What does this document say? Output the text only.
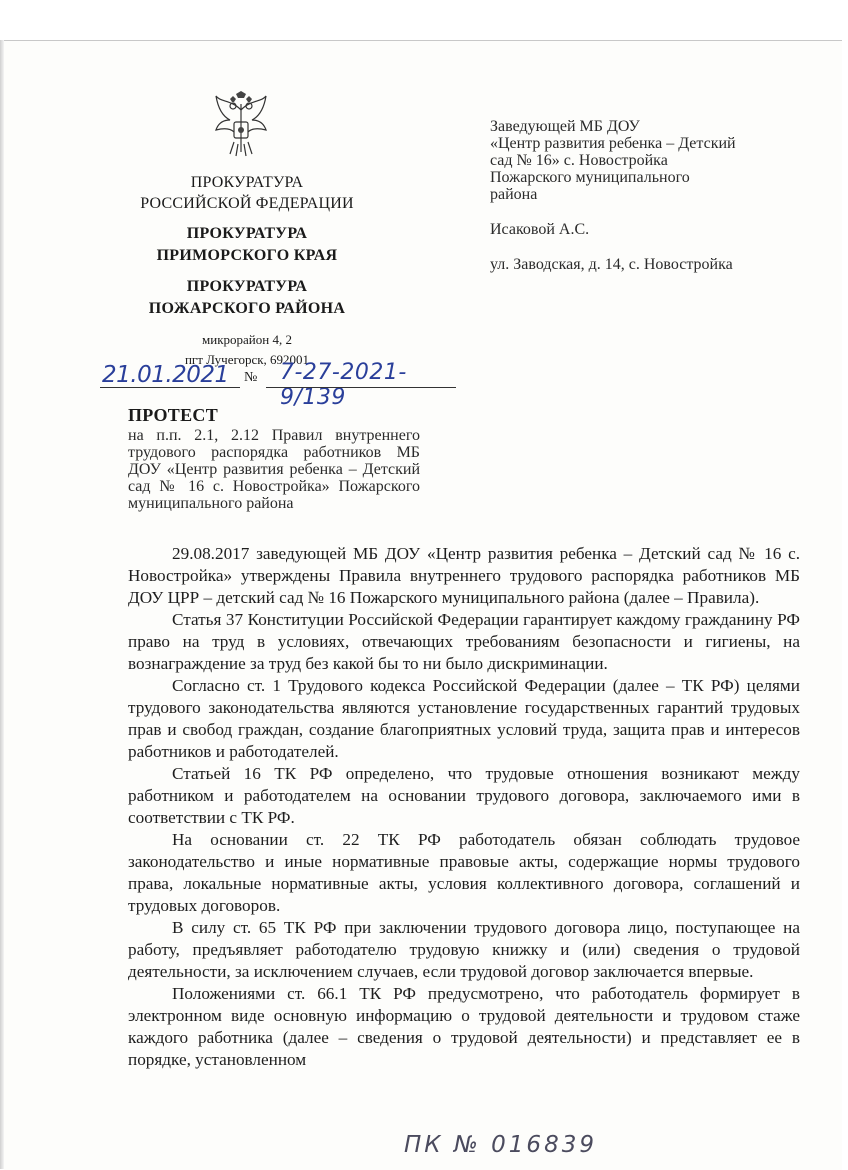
ПРОКУРАТУРА
РОССИЙСКОЙ ФЕДЕРАЦИИ
ПРОКУРАТУРА
ПРИМОРСКОГО КРАЯ
ПРОКУРАТУРА
ПОЖАРСКОГО РАЙОНА
микрорайон 4, 2
пгт Лучегорск, 692001
Заведующей МБ ДОУ
«Центр развития ребенка – Детский
сад № 16» с. Новостройка
Пожарского муниципального
района
Исаковой А.С.
ул. Заводская, д. 14, с. Новостройка
21.01.2021 № 7-27-2021-9/139
ПРОТЕСТ
на п.п. 2.1, 2.12 Правил внутреннего трудового распорядка работников МБ ДОУ «Центр развития ребенка – Детский сад № 16 с. Новостройка» Пожарского муниципального района

29.08.2017 заведующей МБ ДОУ «Центр развития ребенка – Детский сад № 16 с. Новостройка» утверждены Правила внутреннего трудового распорядка работников МБ ДОУ ЦРР – детский сад № 16 Пожарского муниципального района (далее – Правила).

Статья 37 Конституции Российской Федерации гарантирует каждому гражданину РФ право на труд в условиях, отвечающих требованиям безопасности и гигиены, на вознаграждение за труд без какой бы то ни было дискриминации.

Согласно ст. 1 Трудового кодекса Российской Федерации (далее – ТК РФ) целями трудового законодательства являются установление государственных гарантий трудовых прав и свобод граждан, создание благоприятных условий труда, защита прав и интересов работников и работодателей.

Статьей 16 ТК РФ определено, что трудовые отношения возникают между работником и работодателем на основании трудового договора, заключаемого ими в соответствии с ТК РФ.

На основании ст. 22 ТК РФ работодатель обязан соблюдать трудовое законодательство и иные нормативные правовые акты, содержащие нормы трудового права, локальные нормативные акты, условия коллективного договора, соглашений и трудовых договоров.

В силу ст. 65 ТК РФ при заключении трудового договора лицо, поступающее на работу, предъявляет работодателю трудовую книжку и (или) сведения о трудовой деятельности, за исключением случаев, если трудовой договор заключается впервые.

Положениями ст. 66.1 ТК РФ предусмотрено, что работодатель формирует в электронном виде основную информацию о трудовой деятельности и трудовом стаже каждого работника (далее – сведения о трудовой деятельности) и представляет ее в порядке, установленном

ПК № 016839
